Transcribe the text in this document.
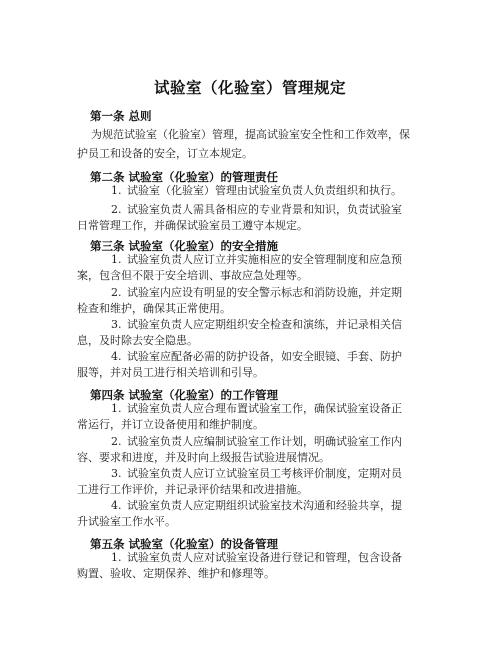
试验室（化验室）管理规定
第一条 总则
为规范试验室（化验室）管理，提高试验室安全性和工作效率，保
护员工和设备的安全，订立本规定。
第二条 试验室（化验室）的管理责任
1. 试验室（化验室）管理由试验室负责人负责组织和执行。
2. 试验室负责人需具备相应的专业背景和知识，负责试验室
日常管理工作，并确保试验室员工遵守本规定。
第三条 试验室（化验室）的安全措施
1. 试验室负责人应订立并实施相应的安全管理制度和应急预
案，包含但不限于安全培训、事故应急处理等。
2. 试验室内应设有明显的安全警示标志和消防设施，并定期
检查和维护，确保其正常使用。
3. 试验室负责人应定期组织安全检查和演练，并记录相关信
息，及时除去安全隐患。
4. 试验室应配备必需的防护设备，如安全眼镜、手套、防护
服等，并对员工进行相关培训和引导。
第四条 试验室（化验室）的工作管理
1. 试验室负责人应合理布置试验室工作，确保试验室设备正
常运行，并订立设备使用和维护制度。
2. 试验室负责人应编制试验室工作计划，明确试验室工作内
容、要求和进度，并及时向上级报告试验进展情况。
3. 试验室负责人应订立试验室员工考核评价制度，定期对员
工进行工作评价，并记录评价结果和改进措施。
4. 试验室负责人应定期组织试验室技术沟通和经验共享，提
升试验室工作水平。
第五条 试验室（化验室）的设备管理
1. 试验室负责人应对试验室设备进行登记和管理，包含设备
购置、验收、定期保养、维护和修理等。
